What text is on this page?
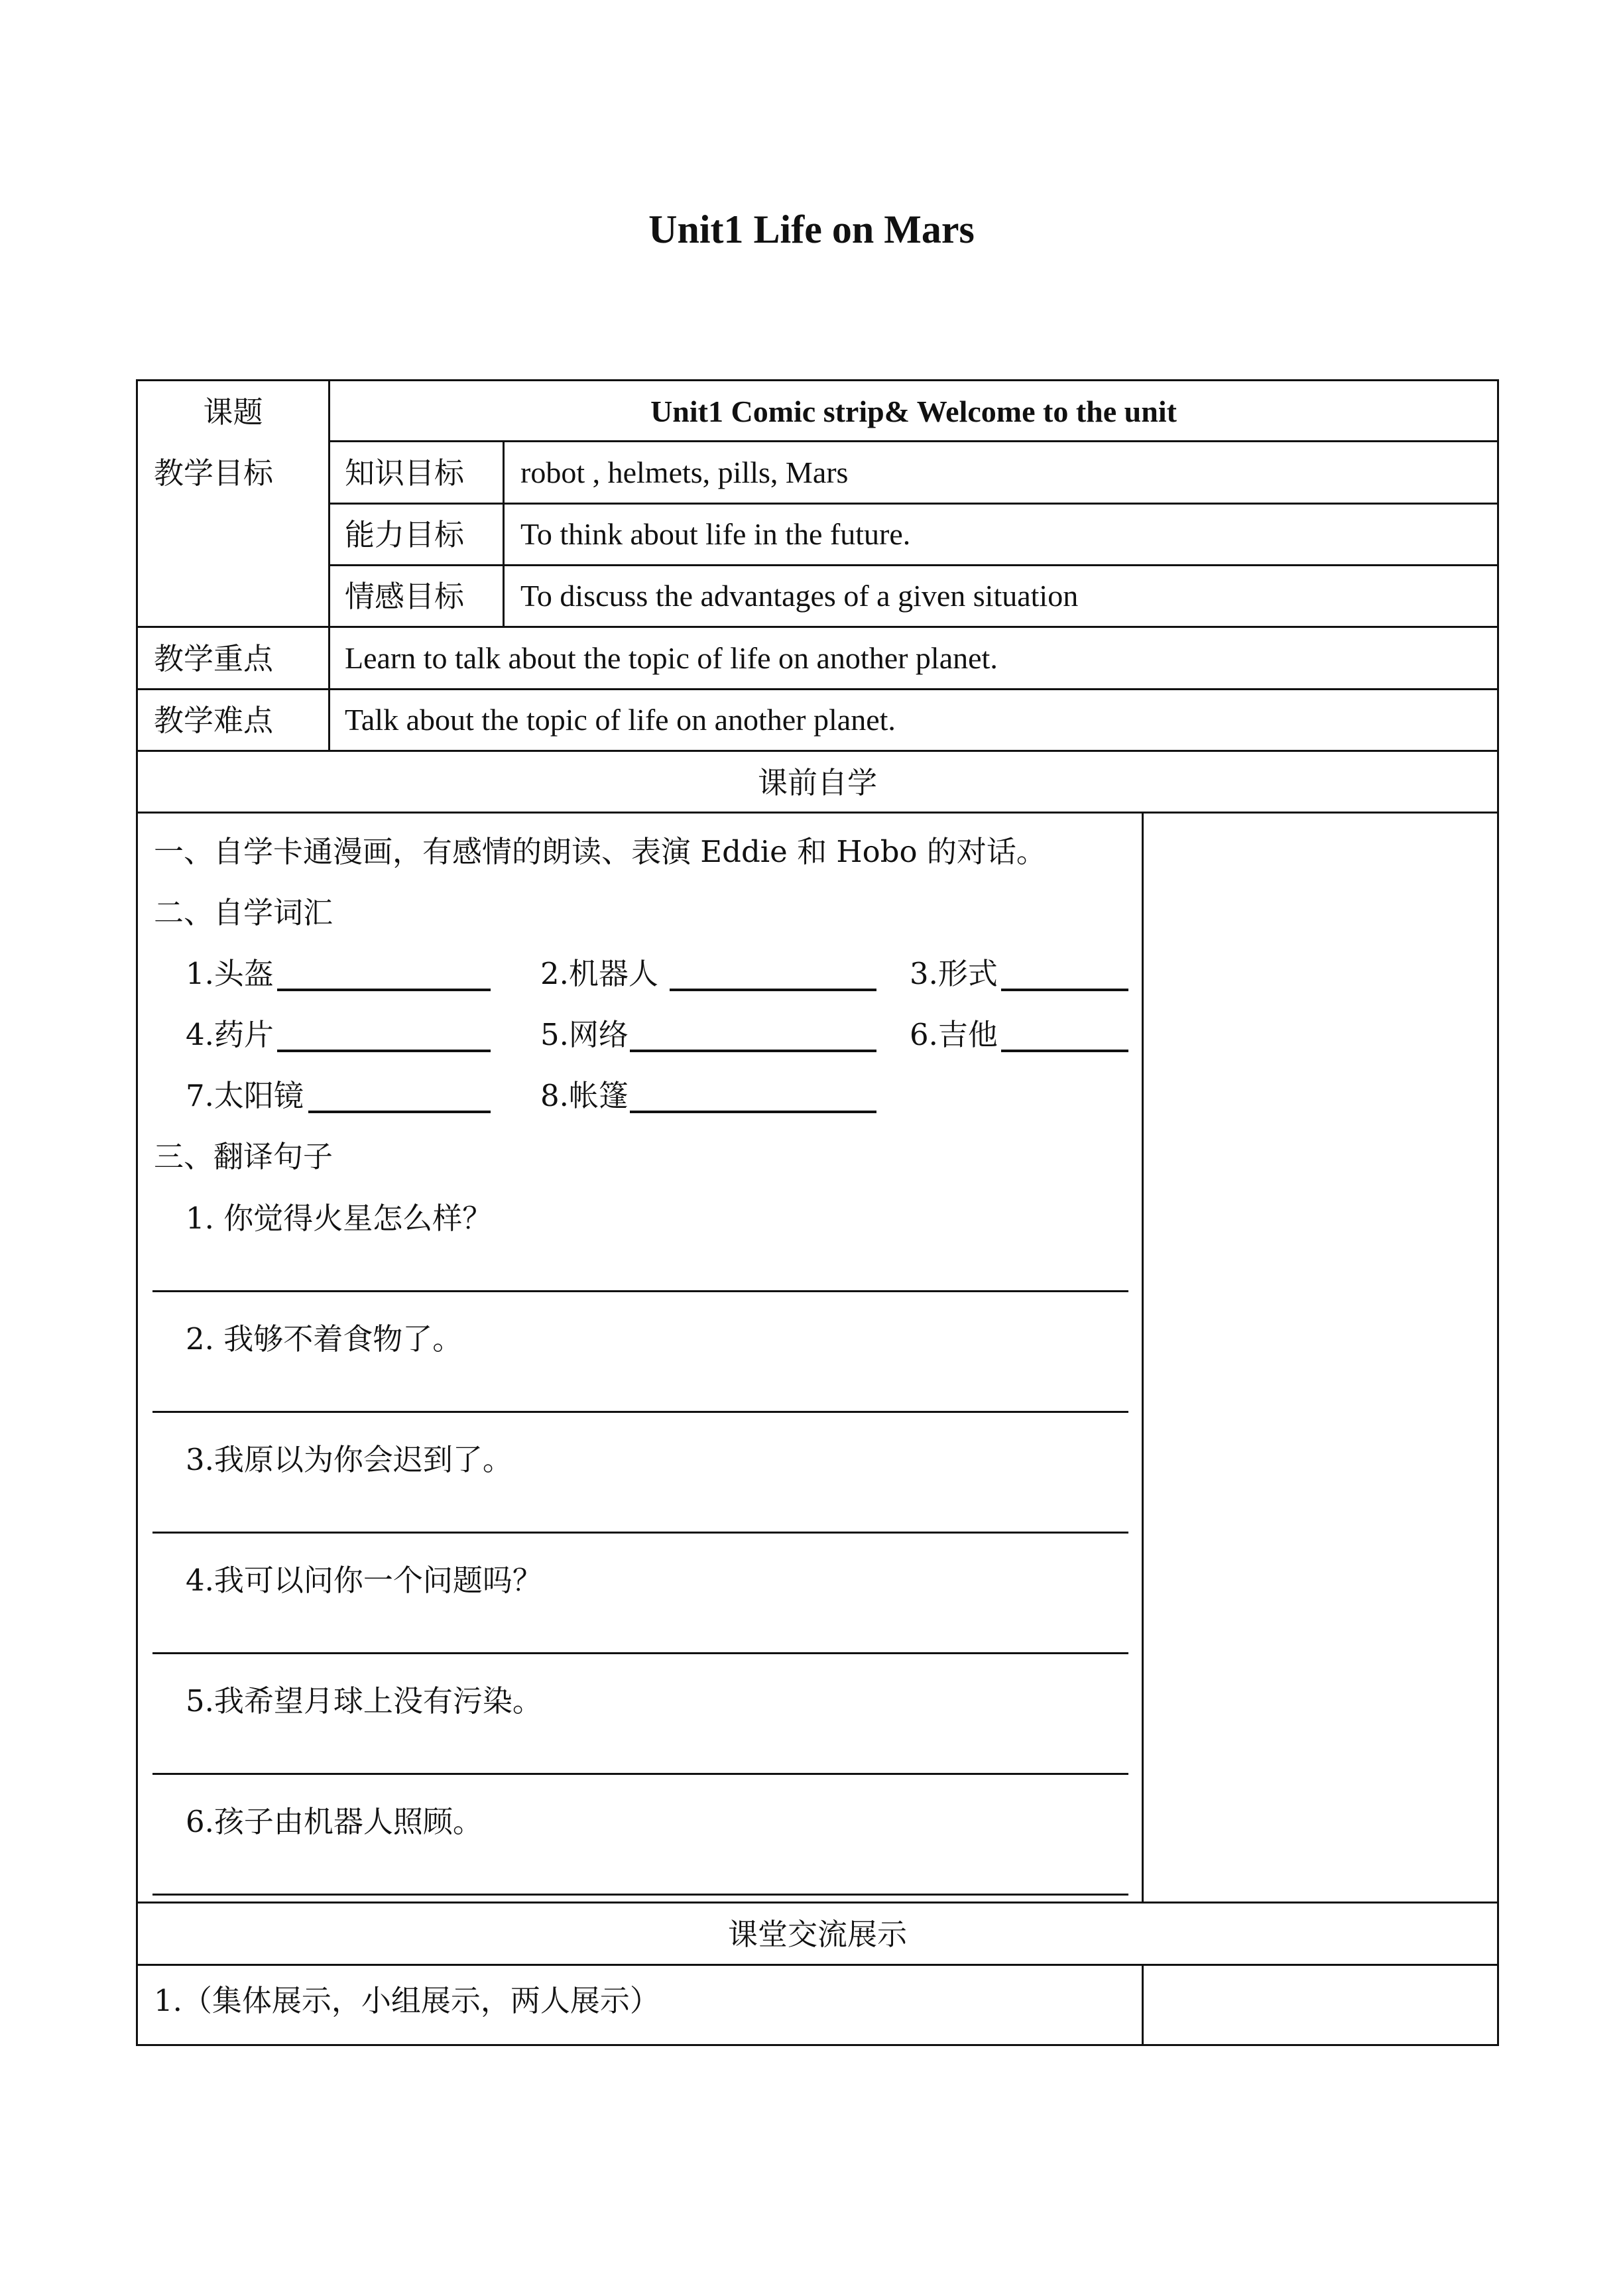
Unit1 Life on Mars
课题	Unit1 Comic strip& Welcome to the unit
教学目标 知识目标 robot , helmets, pills, Mars
能力目标 To think about life in the future.
情感目标 To discuss the advantages of a given situation
教学重点 Learn to talk about the topic of life on another planet.
教学难点 Talk about the topic of life on another planet.
课前自学
一、自学卡通漫画，有感情的朗读、表演 Eddie 和 Hobo 的对话。
二、自学词汇
1.头盔	2.机器人	3.形式
4.药片	5.网络	6.吉他
7.太阳镜	8.帐篷
三、翻译句子
1. 你觉得火星怎么样？
2. 我够不着食物了。
3.我原以为你会迟到了。
4.我可以问你一个问题吗？
5.我希望月球上没有污染。
6.孩子由机器人照顾。
课堂交流展示
1.（集体展示，小组展示，两人展示）
